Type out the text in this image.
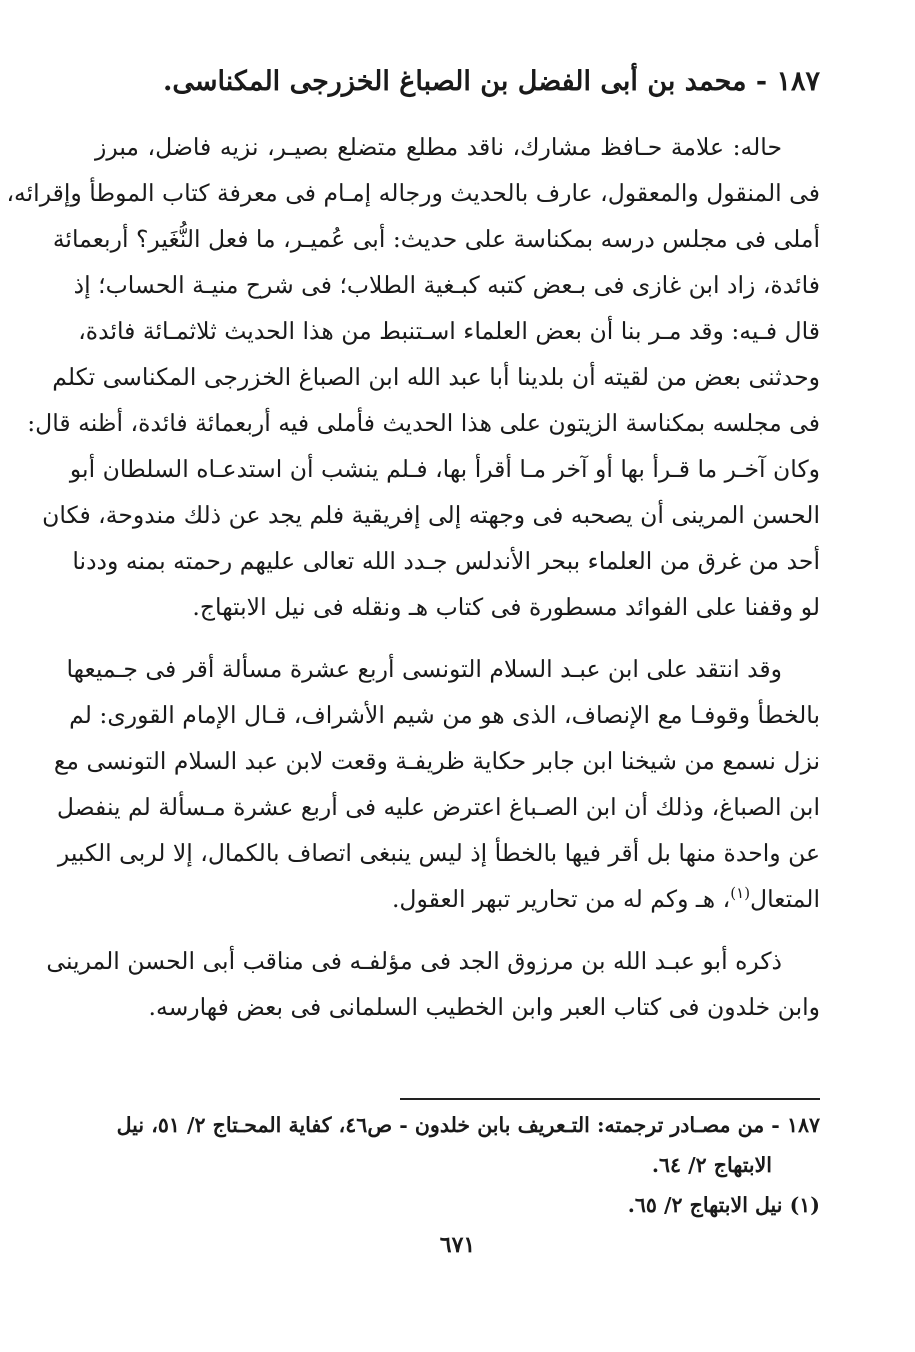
١٨٧ - محمد بن أبى الفضل بن الصباغ الخزرجى المكناسى.

حاله: علامة حـافظ مشارك، ناقد مطلع متضلع بصيـر، نزيه فاضل، مبرز
فى المنقول والمعقول، عارف بالحديث ورجاله إمـام فى معرفة كتاب الموطأ وإقرائه،
أملى فى مجلس درسه بمكناسة على حديث: أبى عُميـر، ما فعل النُّغَير؟ أربعمائة
فائدة، زاد ابن غازى فى بـعض كتبه كبـغية الطلاب؛ فى شرح منيـة الحساب؛ إذ
قال فـيه: وقد مـر بنا أن بعض العلماء اسـتنبط من هذا الحديث ثلاثمـائة فائدة،
وحدثنى بعض من لقيته أن بلدينا أبا عبد الله ابن الصباغ الخزرجى المكناسى تكلم
فى مجلسه بمكناسة الزيتون على هذا الحديث فأملى فيه أربعمائة فائدة، أظنه قال:
وكان آخـر ما قـرأ بها أو آخر مـا أقرأ بها، فـلم ينشب أن استدعـاه السلطان أبو
الحسن المرينى أن يصحبه فى وجهته إلى إفريقية فلم يجد عن ذلك مندوحة، فكان
أحد من غرق من العلماء ببحر الأندلس جـدد الله تعالى عليهم رحمته بمنه وددنا
لو وقفنا على الفوائد مسطورة فى كتاب هـ ونقله فى نيل الابتهاج.

وقد انتقد على ابن عبـد السلام التونسى أربع عشرة مسألة أقر فى جـميعها
بالخطأ وقوفـا مع الإنصاف، الذى هو من شيم الأشراف، قـال الإمام القورى: لم
نزل نسمع من شيخنا ابن جابر حكاية ظريفـة وقعت لابن عبد السلام التونسى مع
ابن الصباغ، وذلك أن ابن الصـباغ اعترض عليه فى أربع عشرة مـسألة لم ينفصل
عن واحدة منها بل أقر فيها بالخطأ إذ ليس ينبغى اتصاف بالكمال، إلا لربى الكبير
المتعال$^{(١)}$، هـ وكم له من تحارير تبهر العقول.

ذكره أبو عبـد الله بن مرزوق الجد فى مؤلفـه فى مناقب أبى الحسن المرينى
وابن خلدون فى كتاب العبر وابن الخطيب السلمانى فى بعض فهارسه.

١٨٧ - من مصـادر ترجمته: التـعريف بابن خلدون - ص٤٦، كفاية المحـتاج ٢/ ٥١، نيل
الابتهاج ٢/ ٦٤.
(١) نيل الابتهاج ٢/ ٦٥.
٦٧١
